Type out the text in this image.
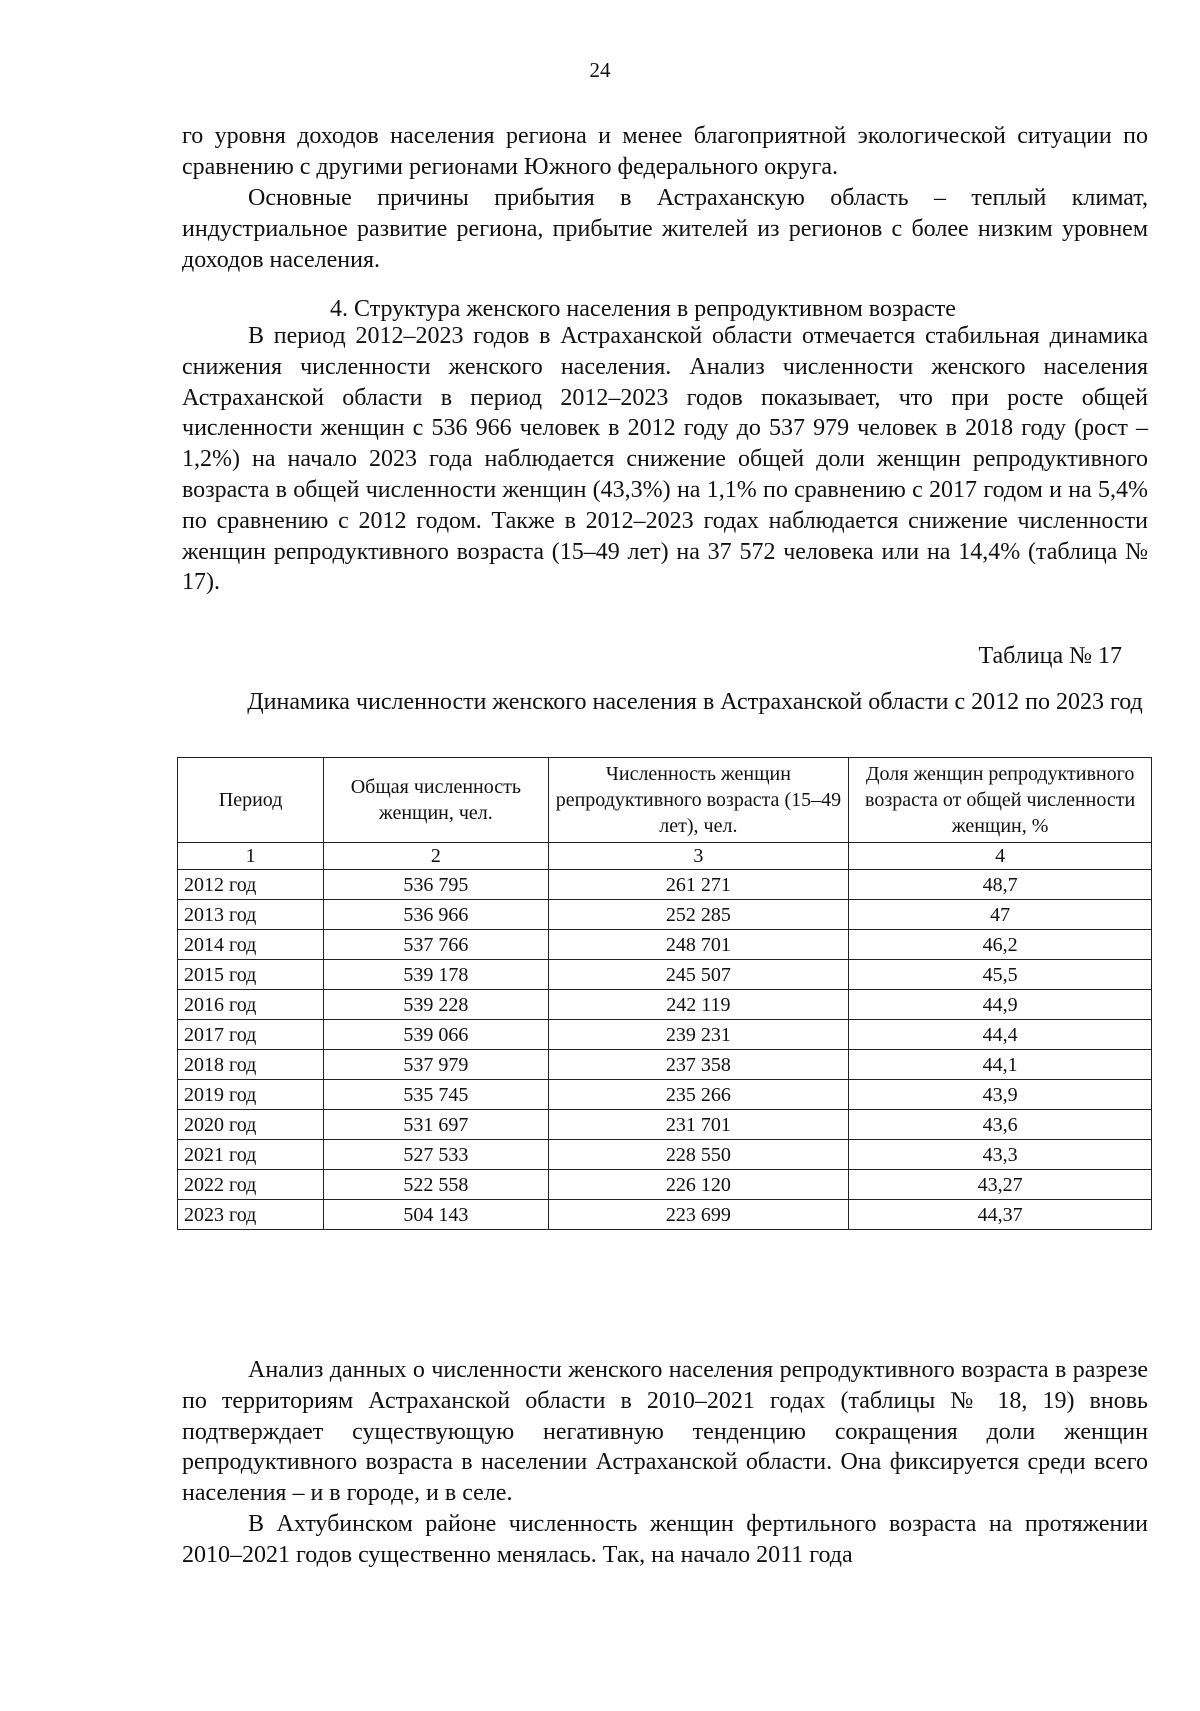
24

го уровня доходов населения региона и менее благоприятной экологической ситуации по сравнению с другими регионами Южного федерального округа.

Основные причины прибытия в Астраханскую область – теплый климат, индустриальное развитие региона, прибытие жителей из регионов с более низким уровнем доходов населения.

4. Структура женского населения в репродуктивном возрасте

В период 2012–2023 годов в Астраханской области отмечается стабильная динамика снижения численности женского населения. Анализ численности женского населения Астраханской области в период 2012–2023 годов показывает, что при росте общей численности женщин с 536 966 человек в 2012 году до 537 979 человек в 2018 году (рост – 1,2%) на начало 2023 года наблюдается снижение общей доли женщин репродуктивного возраста в общей численности женщин (43,3%) на 1,1% по сравнению с 2017 годом и на 5,4% по сравнению с 2012 годом. Также в 2012–2023 годах наблюдается снижение численности женщин репродуктивного возраста (15–49 лет) на 37 572 человека или на 14,4% (таблица № 17).

Таблица № 17
Динамика численности женского населения в Астраханской области с 2012 по 2023 год
Период	Общая численность женщин, чел.	Численность женщин репродуктивного возраста (15–49 лет), чел.	Доля женщин репродуктивного возраста от общей численности женщин, %
1	2	3	4
2012 год	536 795	261 271	48,7
2013 год	536 966	252 285	47
2014 год	537 766	248 701	46,2
2015 год	539 178	245 507	45,5
2016 год	539 228	242 119	44,9
2017 год	539 066	239 231	44,4
2018 год	537 979	237 358	44,1
2019 год	535 745	235 266	43,9
2020 год	531 697	231 701	43,6
2021 год	527 533	228 550	43,3
2022 год	522 558	226 120	43,27
2023 год	504 143	223 699	44,37

Анализ данных о численности женского населения репродуктивного возраста в разрезе по территориям Астраханской области в 2010–2021 годах (таблицы № 18, 19) вновь подтверждает существующую негативную тенденцию сокращения доли женщин репродуктивного возраста в населении Астраханской области. Она фиксируется среди всего населения – и в городе, и в селе.

В Ахтубинском районе численность женщин фертильного возраста на протяжении 2010–2021 годов существенно менялась. Так, на начало 2011 года
